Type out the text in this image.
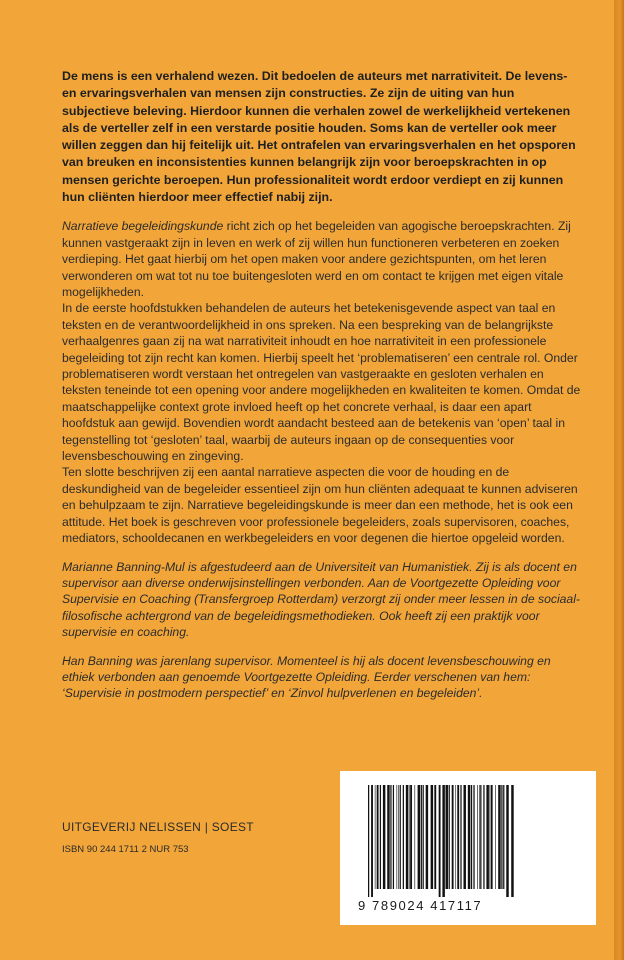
De mens is een verhalend wezen. Dit bedoelen de auteurs met narrativiteit. De levens- en ervaringsverhalen van mensen zijn constructies. Ze zijn de uiting van hun subjectieve beleving. Hierdoor kunnen die verhalen zowel de werkelijkheid vertekenen als de verteller zelf in een verstarde positie houden. Soms kan de verteller ook meer willen zeggen dan hij feitelijk uit. Het ontrafelen van ervaringsverhalen en het opsporen van breuken en inconsistenties kunnen belangrijk zijn voor beroepskrachten in op mensen gerichte beroepen. Hun professionaliteit wordt erdoor verdiept en zij kunnen hun cliënten hierdoor meer effectief nabij zijn.

Narratieve begeleidingskunde richt zich op het begeleiden van agogische beroepskrachten. Zij kunnen vastgeraakt zijn in leven en werk of zij willen hun functioneren verbeteren en zoeken verdieping. Het gaat hierbij om het open maken voor andere gezichtspunten, om het leren verwonderen om wat tot nu toe buitengesloten werd en om contact te krijgen met eigen vitale mogelijkheden.

In de eerste hoofdstukken behandelen de auteurs het betekenisgevende aspect van taal en teksten en de verantwoordelijkheid in ons spreken. Na een bespreking van de belangrijkste verhaalgenres gaan zij na wat narrativiteit inhoudt en hoe narrativiteit in een professionele begeleiding tot zijn recht kan komen. Hierbij speelt het ‘problematiseren’ een centrale rol. Onder problematiseren wordt verstaan het ontregelen van vastgeraakte en gesloten verhalen en teksten teneinde tot een opening voor andere mogelijkheden en kwaliteiten te komen. Omdat de maatschappelijke context grote invloed heeft op het concrete verhaal, is daar een apart hoofdstuk aan gewijd. Bovendien wordt aandacht besteed aan de betekenis van ‘open’ taal in tegenstelling tot ‘gesloten’ taal, waarbij de auteurs ingaan op de consequenties voor levensbeschouwing en zingeving.

Ten slotte beschrijven zij een aantal narratieve aspecten die voor de houding en de deskundigheid van de begeleider essentieel zijn om hun cliënten adequaat te kunnen adviseren en behulpzaam te zijn. Narratieve begeleidingskunde is meer dan een methode, het is ook een attitude. Het boek is geschreven voor professionele begeleiders, zoals supervisoren, coaches, mediators, schooldecanen en werkbegeleiders en voor degenen die hiertoe opgeleid worden.

Marianne Banning-Mul is afgestudeerd aan de Universiteit van Humanistiek. Zij is als docent en supervisor aan diverse onderwijsinstellingen verbonden. Aan de Voortgezette Opleiding voor Supervisie en Coaching (Transfergroep Rotterdam) verzorgt zij onder meer lessen in de sociaal-filosofische achtergrond van de begeleidingsmethodieken. Ook heeft zij een praktijk voor supervisie en coaching.

Han Banning was jarenlang supervisor. Momenteel is hij als docent levensbeschouwing en ethiek verbonden aan genoemde Voortgezette Opleiding. Eerder verschenen van hem: ‘Supervisie in postmodern perspectief’ en ‘Zinvol hulpverlenen en begeleiden’.

UITGEVERIJ NELISSEN | SOEST
ISBN 90 244 1711 2 NUR 753
9 789024 417117
